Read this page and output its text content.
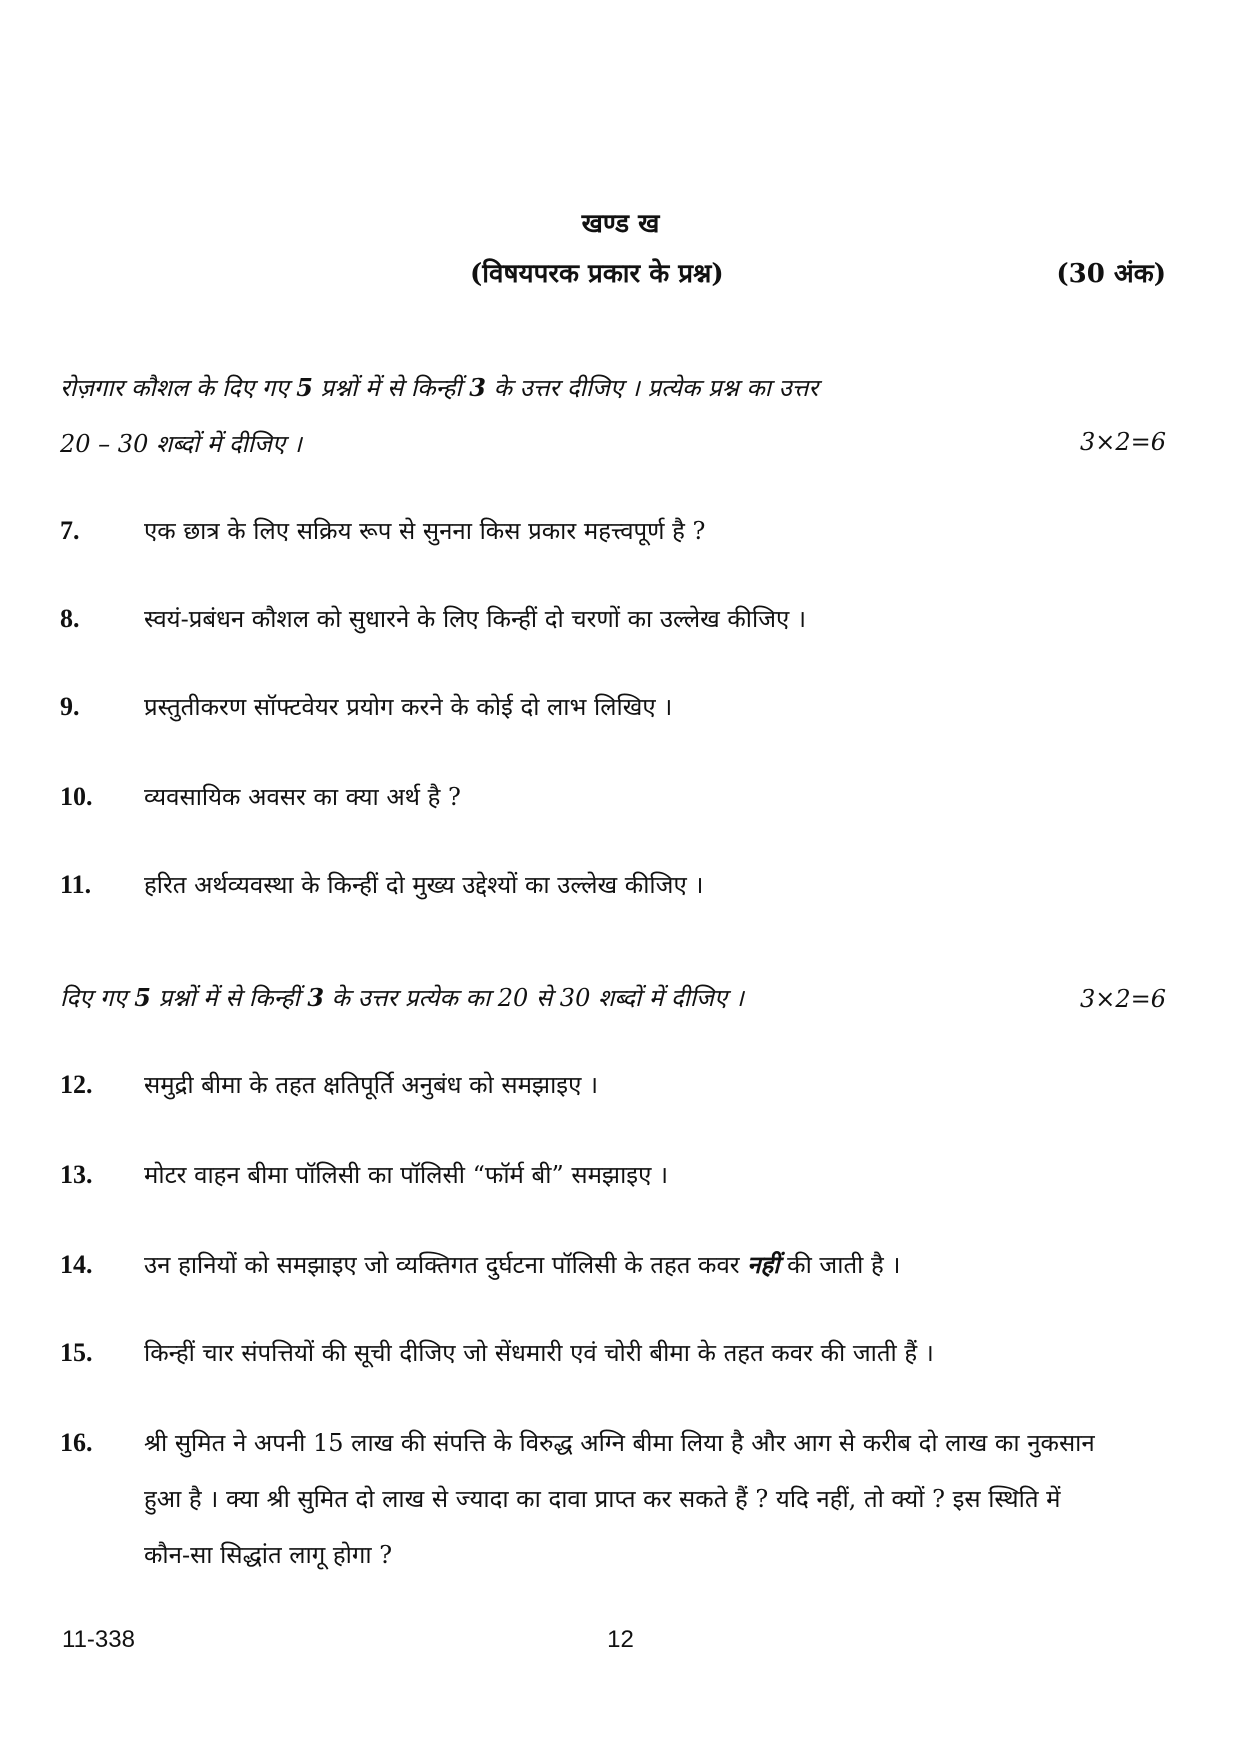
खण्ड ख
(विषयपरक प्रकार के प्रश्न)	(30 अंक)
रोज़गार कौशल के दिए गए 5 प्रश्नों में से किन्हीं 3 के उत्तर दीजिए । प्रत्येक प्रश्न का उत्तर
20 – 30 शब्दों में दीजिए ।	3×2=6
7.	एक छात्र के लिए सक्रिय रूप से सुनना किस प्रकार महत्त्वपूर्ण है ?
8.	स्वयं-प्रबंधन कौशल को सुधारने के लिए किन्हीं दो चरणों का उल्लेख कीजिए ।
9.	प्रस्तुतीकरण सॉफ्टवेयर प्रयोग करने के कोई दो लाभ लिखिए ।
10. व्यवसायिक अवसर का क्या अर्थ है ?
11. हरित अर्थव्यवस्था के किन्हीं दो मुख्य उद्देश्यों का उल्लेख कीजिए ।
दिए गए 5 प्रश्नों में से किन्हीं 3 के उत्तर प्रत्येक का 20 से 30 शब्दों में दीजिए ।	3×2=6
12. समुद्री बीमा के तहत क्षतिपूर्ति अनुबंध को समझाइए ।
13. मोटर वाहन बीमा पॉलिसी का पॉलिसी “फॉर्म बी” समझाइए ।
14. उन हानियों को समझाइए जो व्यक्तिगत दुर्घटना पॉलिसी के तहत कवर नहीं की जाती है ।
15. किन्हीं चार संपत्तियों की सूची दीजिए जो सेंधमारी एवं चोरी बीमा के तहत कवर की जाती हैं ।
16. श्री सुमित ने अपनी 15 लाख की संपत्ति के विरुद्ध अग्नि बीमा लिया है और आग से करीब दो लाख का नुकसान हुआ है । क्या श्री सुमित दो लाख से ज्यादा का दावा प्राप्त कर सकते हैं ? यदि नहीं, तो क्यों ? इस स्थिति में कौन-सा सिद्धांत लागू होगा ?
11-338	12
